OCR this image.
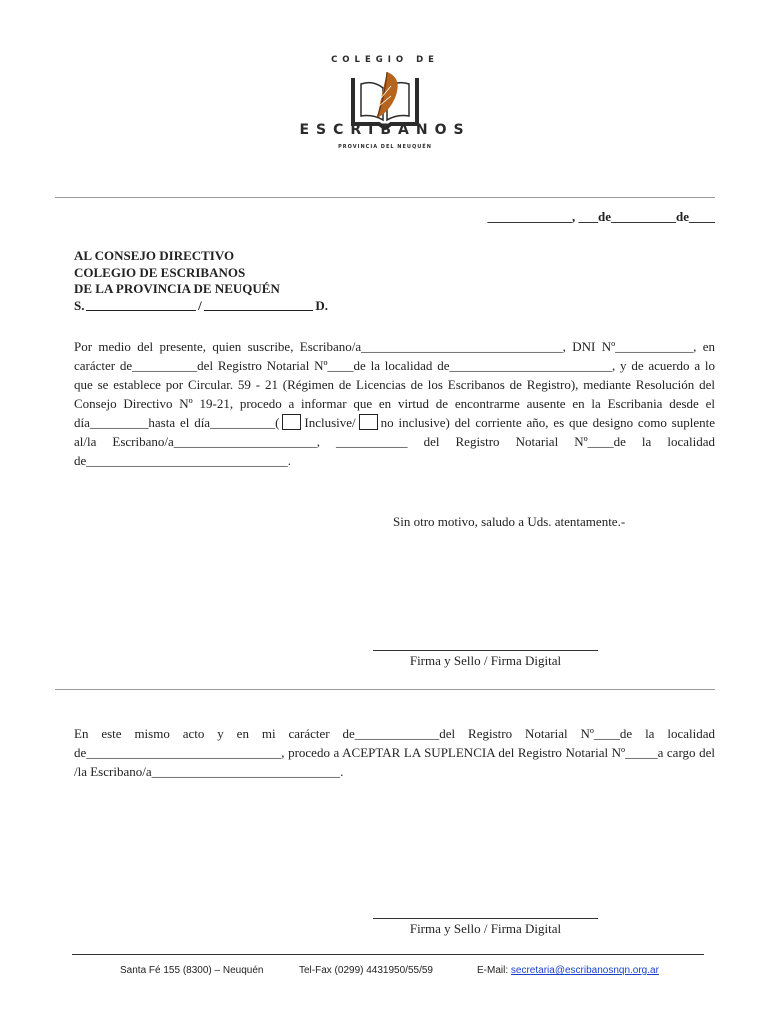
COLEGIO DE
ESCRIBANOS
PROVINCIA DEL NEUQUÉN
_____________, ___de__________de____
AL CONSEJO DIRECTIVO
COLEGIO DE ESCRIBANOS
DE LA PROVINCIA DE NEUQUÉN
S.	/	D.
Por medio del presente, quien suscribe, Escribano/a_______________________________, DNI Nº____________, en carácter de__________del Registro Notarial Nº____de la localidad de_________________________, y de acuerdo a lo que se establece por Circular. 59 - 21 (Régimen de Licencias de los Escribanos de Registro), mediante Resolución del Consejo Directivo Nº 19-21, procedo a informar que en virtud de encontrarme ausente en la Escribania desde el día_________hasta el día__________( Inclusive/ no inclusive) del corriente año, es que designo como suplente al/la Escribano/a______________________, ___________ del Registro Notarial Nº____de la localidad de_______________________________.
Sin otro motivo, saludo a Uds. atentamente.-
Firma y Sello / Firma Digital
En este mismo acto y en mi carácter de_____________del Registro Notarial Nº____de la localidad de______________________________, procedo a ACEPTAR LA SUPLENCIA del Registro Notarial Nº_____a cargo del /la Escribano/a_____________________________.
Firma y Sello / Firma Digital
Santa Fé 155 (8300) – Neuquén	Tel-Fax (0299) 4431950/55/59	E-Mail: secretaria@escribanosnqn.org.ar
